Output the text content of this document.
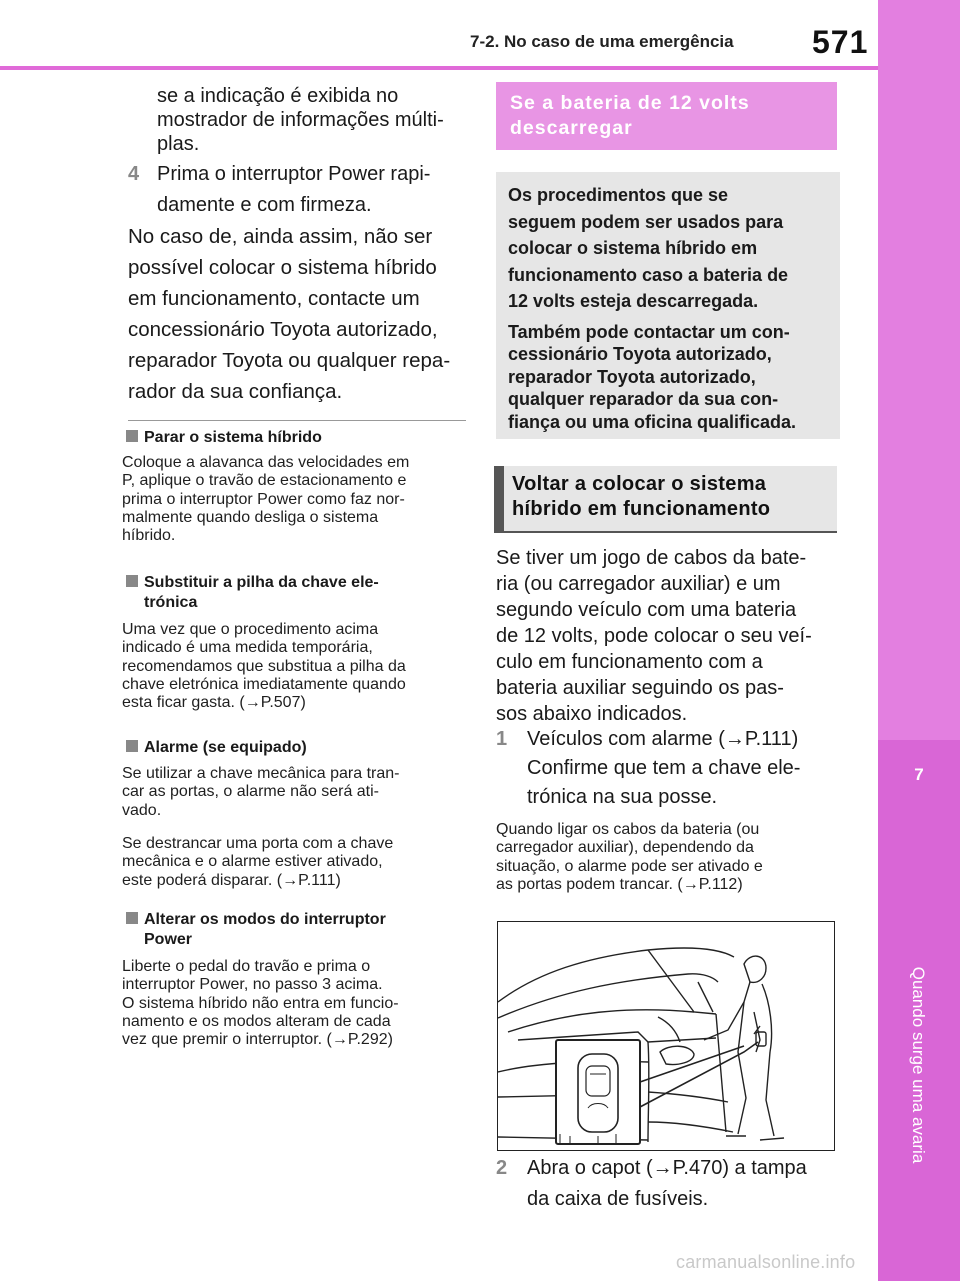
7-2. No caso de uma emergência 571
7
Quando surge uma avaria
se a indicação é exibida no
mostrador de informações múlti-
plas.
4 Prima o interruptor Power rapi-
damente e com firmeza.
No caso de, ainda assim, não ser
possível colocar o sistema híbrido
em funcionamento, contacte um
concessionário Toyota autorizado,
reparador Toyota ou qualquer repa-
rador da sua confiança.
Parar o sistema híbrido
Coloque a alavanca das velocidades em
P, aplique o travão de estacionamento e
prima o interruptor Power como faz nor-
malmente quando desliga o sistema
híbrido.
Substituir a pilha da chave ele-
trónica
Uma vez que o procedimento acima
indicado é uma medida temporária,
recomendamos que substitua a pilha da
chave eletrónica imediatamente quando
esta ficar gasta. (→P.507)
Alarme (se equipado)
Se utilizar a chave mecânica para tran-
car as portas, o alarme não será ati-
vado.
Se destrancar uma porta com a chave
mecânica e o alarme estiver ativado,
este poderá disparar. (→P.111)
Alterar os modos do interruptor
Power
Liberte o pedal do travão e prima o
interruptor Power, no passo 3 acima.
O sistema híbrido não entra em funcio-
namento e os modos alteram de cada
vez que premir o interruptor. (→P.292)
Se a bateria de 12 volts
descarregar
Os procedimentos que se
seguem podem ser usados para
colocar o sistema híbrido em
funcionamento caso a bateria de
12 volts esteja descarregada.
Também pode contactar um con-
cessionário Toyota autorizado,
reparador Toyota autorizado,
qualquer reparador da sua con-
fiança ou uma oficina qualificada.
Voltar a colocar o sistema
híbrido em funcionamento
Se tiver um jogo de cabos da bate-
ria (ou carregador auxiliar) e um
segundo veículo com uma bateria
de 12 volts, pode colocar o seu veí-
culo em funcionamento com a
bateria auxiliar seguindo os pas-
sos abaixo indicados.
1 Veículos com alarme (→P.111)
Confirme que tem a chave ele-
trónica na sua posse.
Quando ligar os cabos da bateria (ou
carregador auxiliar), dependendo da
situação, o alarme pode ser ativado e
as portas podem trancar. (→P.112)
2 Abra o capot (→P.470) a tampa
da caixa de fusíveis.
carmanualsonline.info
